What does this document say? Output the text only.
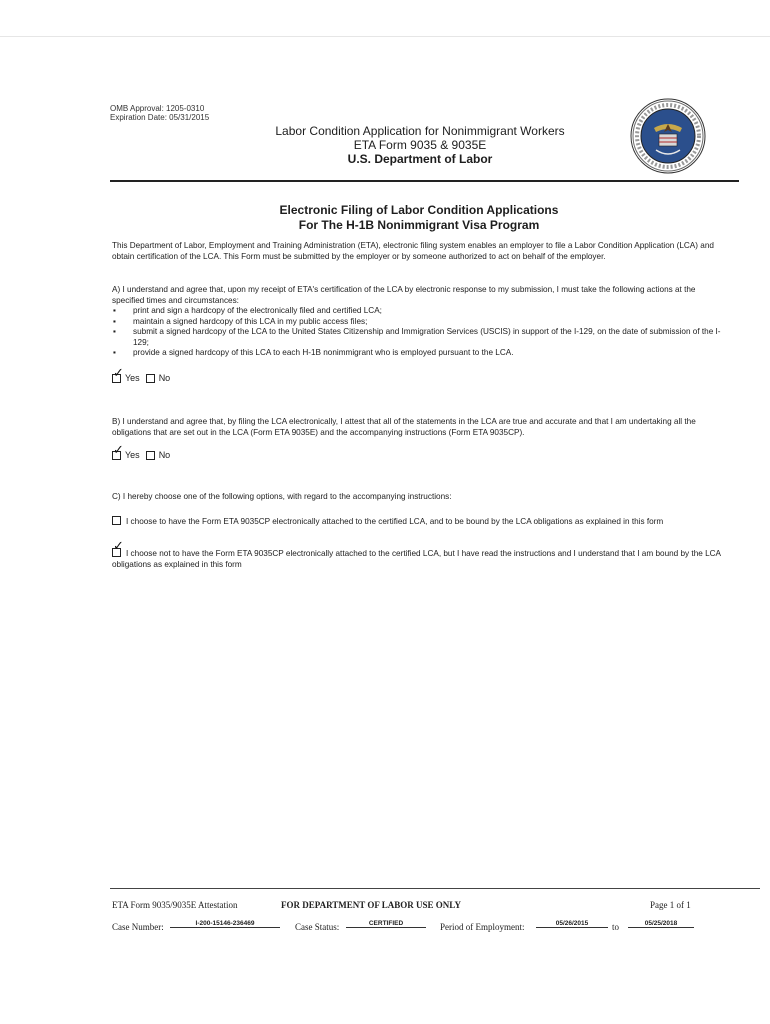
OMB Approval: 1205-0310
Expiration Date: 05/31/2015
Labor Condition Application for Nonimmigrant Workers
ETA Form 9035 & 9035E
U.S. Department of Labor
Electronic Filing of Labor Condition Applications
For The H-1B Nonimmigrant Visa Program
This Department of Labor, Employment and Training Administration (ETA), electronic filing system enables an employer to file a Labor Condition Application (LCA) and obtain certification of the LCA. This Form must be submitted by the employer or by someone authorized to act on behalf of the employer.
A) I understand and agree that, upon my receipt of ETA's certification of the LCA by electronic response to my submission, I must take the following actions at the specified times and circumstances:
▪ print and sign a hardcopy of the electronically filed and certified LCA;
▪ maintain a signed hardcopy of this LCA in my public access files;
▪ submit a signed hardcopy of the LCA to the United States Citizenship and Immigration Services (USCIS) in support of the I-129, on the date of submission of the I-129;
▪ provide a signed hardcopy of this LCA to each H-1B nonimmigrant who is employed pursuant to the LCA.
✓
Yes No
B) I understand and agree that, by filing the LCA electronically, I attest that all of the statements in the LCA are true and accurate and that I am undertaking all the obligations that are set out in the LCA (Form ETA 9035E) and the accompanying instructions (Form ETA 9035CP).
✓
Yes No
C) I hereby choose one of the following options, with regard to the accompanying instructions:
I choose to have the Form ETA 9035CP electronically attached to the certified LCA, and to be bound by the LCA obligations as explained in this form
✓I choose not to have the Form ETA 9035CP electronically attached to the certified LCA, but I have read the instructions and I understand that I am bound by the LCA obligations as explained in this form
ETA Form 9035/9035E Attestation	FOR DEPARTMENT OF LABOR USE ONLY	Page 1 of 1
Case Number:	I-200-15146-236469	Case Status:	CERTIFIED	Period of Employment:	05/26/2015	to	05/25/2018
